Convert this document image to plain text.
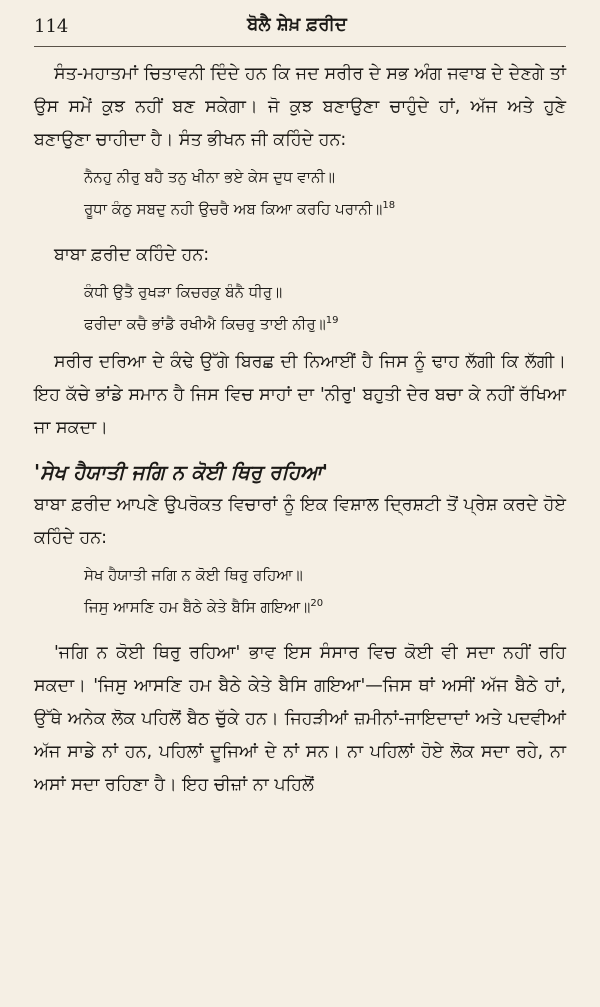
114	ਬੋਲੈ ਸ਼ੇਖ਼ ਫ਼ਰੀਦ

ਸੰਤ-ਮਹਾਤਮਾਂ ਚਿਤਾਵਨੀ ਦਿੰਦੇ ਹਨ ਕਿ ਜਦ ਸਰੀਰ ਦੇ ਸਭ ਅੰਗ ਜਵਾਬ ਦੇ ਦੇਣਗੇ ਤਾਂ ਉਸ ਸਮੇਂ ਕੁਝ ਨਹੀਂ ਬਣ ਸਕੇਗਾ। ਜੋ ਕੁਝ ਬਣਾਉਣਾ ਚਾਹੁੰਦੇ ਹਾਂ, ਅੱਜ ਅਤੇ ਹੁਣੇ ਬਣਾਉਣਾ ਚਾਹੀਦਾ ਹੈ। ਸੰਤ ਭੀਖਨ ਜੀ ਕਹਿੰਦੇ ਹਨ:

ਨੈਨਹੁ ਨੀਰੁ ਬਹੈ ਤਨੁ ਖੀਨਾ ਭਏ ਕੇਸ ਦੁਧ ਵਾਨੀ॥
ਰੂਧਾ ਕੰਠੁ ਸਬਦੁ ਨਹੀ ਉਚਰੈ ਅਬ ਕਿਆ ਕਰਹਿ ਪਰਾਨੀ॥$^{18}$

ਬਾਬਾ ਫ਼ਰੀਦ ਕਹਿੰਦੇ ਹਨ:

ਕੰਧੀ ਉਤੈ ਰੁਖੜਾ ਕਿਚਰਕੁ ਬੰਨੈ ਧੀਰੁ॥
ਫਰੀਦਾ ਕਚੈ ਭਾਂਡੈ ਰਖੀਐ ਕਿਚਰੁ ਤਾਈ ਨੀਰੁ॥$^{19}$

ਸਰੀਰ ਦਰਿਆ ਦੇ ਕੰਢੇ ਉੱਗੇ ਬਿਰਛ ਦੀ ਨਿਆਈਂ ਹੈ ਜਿਸ ਨੂੰ ਢਾਹ ਲੱਗੀ ਕਿ ਲੱਗੀ। ਇਹ ਕੱਚੇ ਭਾਂਡੇ ਸਮਾਨ ਹੈ ਜਿਸ ਵਿਚ ਸਾਹਾਂ ਦਾ 'ਨੀਰੁ' ਬਹੁਤੀ ਦੇਰ ਬਚਾ ਕੇ ਨਹੀਂ ਰੱਖਿਆ ਜਾ ਸਕਦਾ।

'ਸੇਖ ਹੈਯਾਤੀ ਜਗਿ ਨ ਕੋਈ ਥਿਰੁ ਰਹਿਆ'

ਬਾਬਾ ਫ਼ਰੀਦ ਆਪਣੇ ਉਪਰੋਕਤ ਵਿਚਾਰਾਂ ਨੂੰ ਇਕ ਵਿਸ਼ਾਲ ਦ੍ਰਿਸ਼ਟੀ ਤੋਂ ਪ੍ਰੇਸ਼ ਕਰਦੇ ਹੋਏ ਕਹਿੰਦੇ ਹਨ:

ਸੇਖ ਹੈਯਾਤੀ ਜਗਿ ਨ ਕੋਈ ਥਿਰੁ ਰਹਿਆ॥
ਜਿਸੁ ਆਸਣਿ ਹਮ ਬੈਠੇ ਕੇਤੇ ਬੈਸਿ ਗਇਆ॥$^{20}$

'ਜਗਿ ਨ ਕੋਈ ਥਿਰੁ ਰਹਿਆ' ਭਾਵ ਇਸ ਸੰਸਾਰ ਵਿਚ ਕੋਈ ਵੀ ਸਦਾ ਨਹੀਂ ਰਹਿ ਸਕਦਾ। 'ਜਿਸੁ ਆਸਣਿ ਹਮ ਬੈਠੇ ਕੇਤੇ ਬੈਸਿ ਗਇਆ'—ਜਿਸ ਥਾਂ ਅਸੀਂ ਅੱਜ ਬੈਠੇ ਹਾਂ, ਉੱਥੇ ਅਨੇਕ ਲੋਕ ਪਹਿਲੋਂ ਬੈਠ ਚੁੱਕੇ ਹਨ। ਜਿਹੜੀਆਂ ਜ਼ਮੀਨਾਂ-ਜਾਇਦਾਦਾਂ ਅਤੇ ਪਦਵੀਆਂ ਅੱਜ ਸਾਡੇ ਨਾਂ ਹਨ, ਪਹਿਲਾਂ ਦੂਜਿਆਂ ਦੇ ਨਾਂ ਸਨ। ਨਾ ਪਹਿਲਾਂ ਹੋਏ ਲੋਕ ਸਦਾ ਰਹੇ, ਨਾ ਅਸਾਂ ਸਦਾ ਰਹਿਣਾ ਹੈ। ਇਹ ਚੀਜ਼ਾਂ ਨਾ ਪਹਿਲੋਂ
